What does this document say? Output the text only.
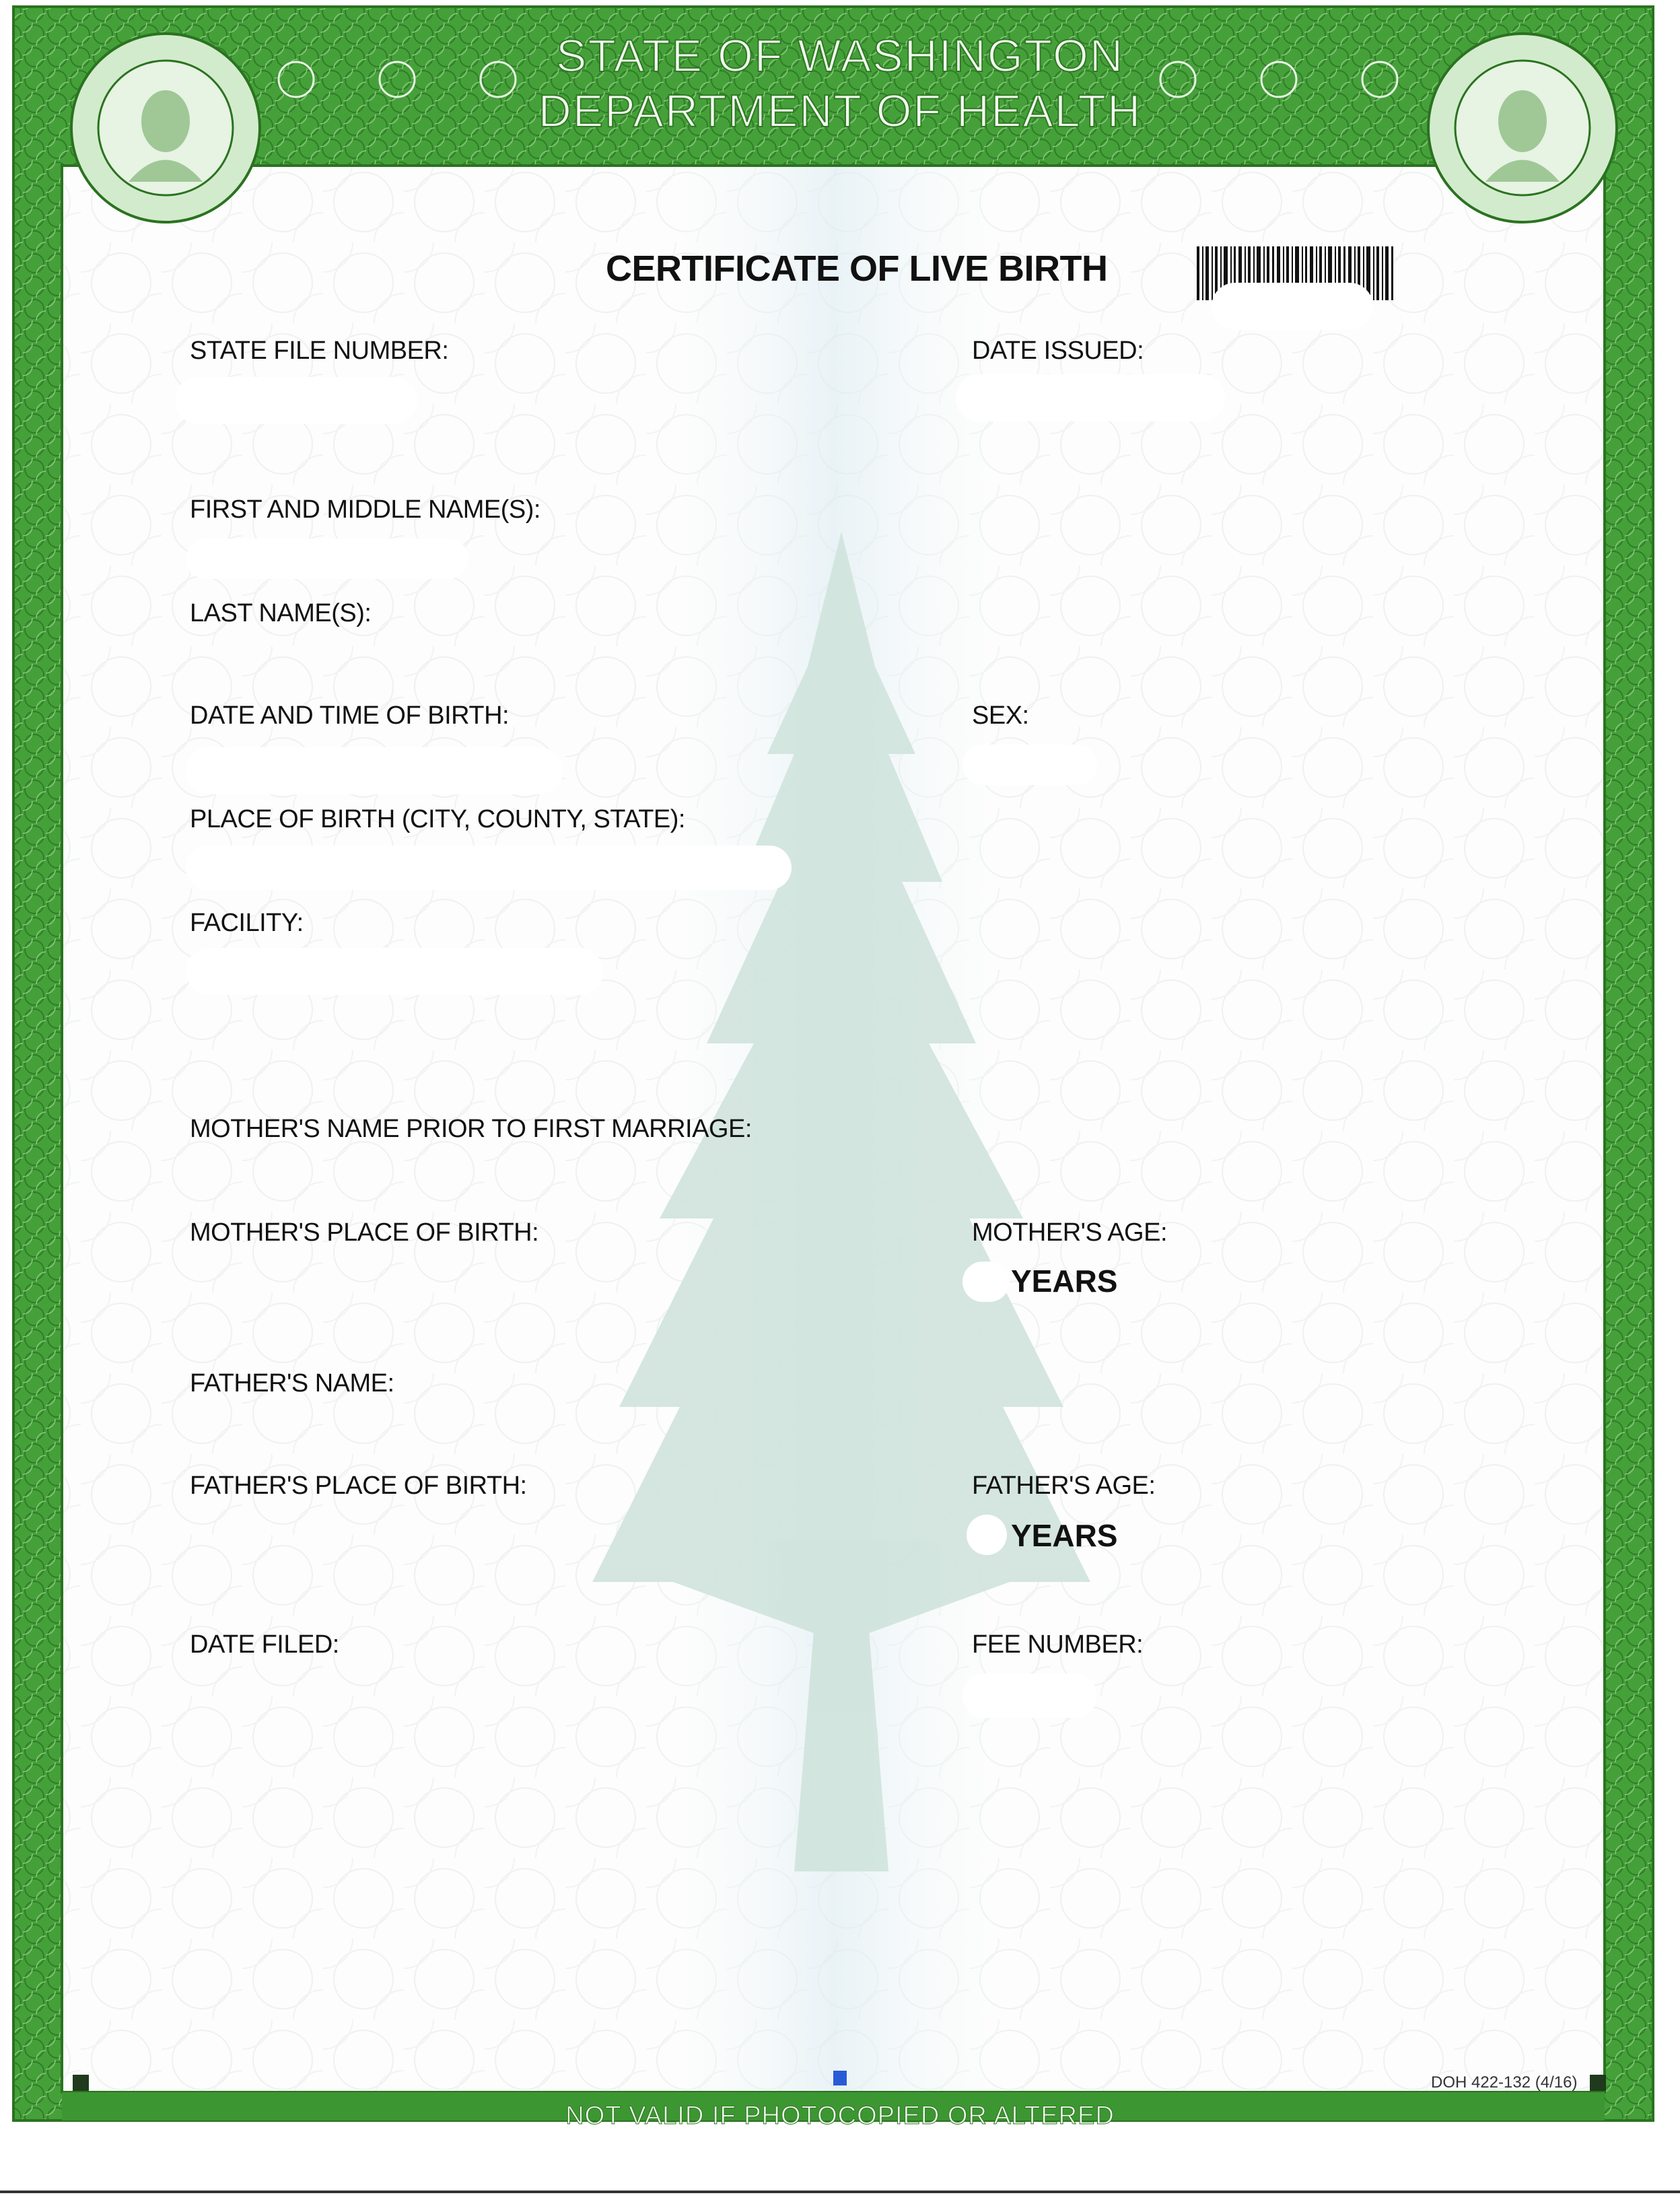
STATE OF WASHINGTON
DEPARTMENT OF HEALTH
CERTIFICATE OF LIVE BIRTH
STATE FILE NUMBER:
FIRST AND MIDDLE NAME(S):
LAST NAME(S):
DATE AND TIME OF BIRTH:
PLACE OF BIRTH (CITY, COUNTY, STATE):
FACILITY:
MOTHER'S NAME PRIOR TO FIRST MARRIAGE:
MOTHER'S PLACE OF BIRTH:
FATHER'S NAME:
FATHER'S PLACE OF BIRTH:
DATE FILED:
DATE ISSUED:
SEX:
MOTHER'S AGE:
YEARS
FATHER'S AGE:
YEARS
FEE NUMBER:
DOH 422-132 (4/16)
NOT VALID IF PHOTOCOPIED OR ALTERED
